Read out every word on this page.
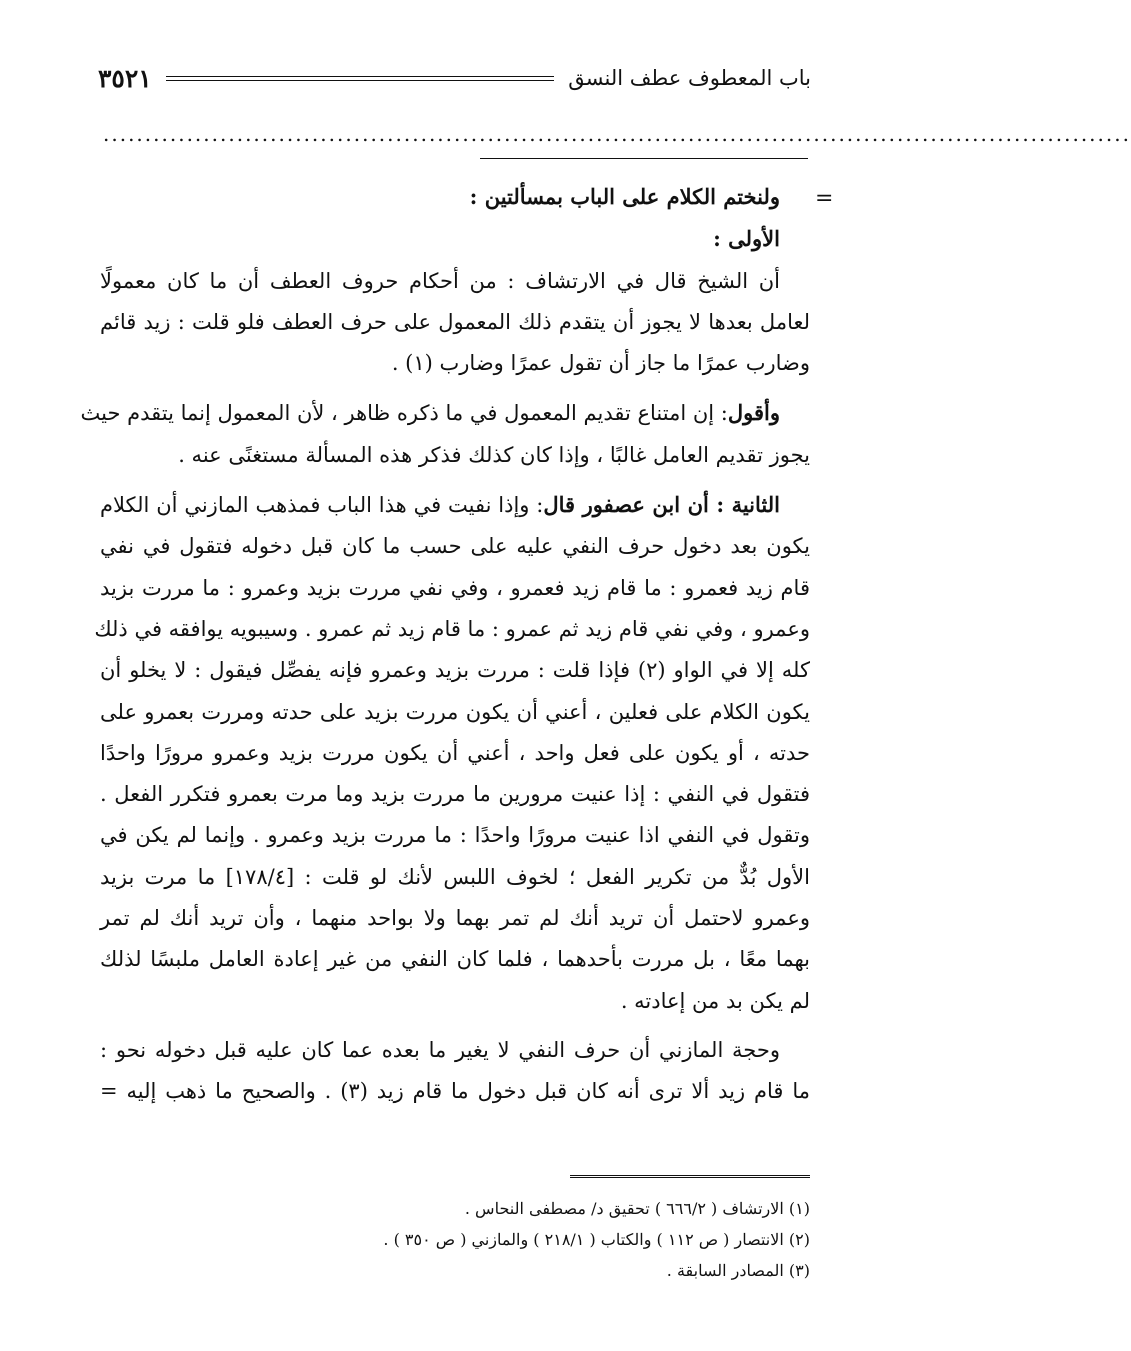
باب المعطوف عطف النسق
٣٥٢١
...........................................................................................................................
=

ولنختم الكلام على الباب بمسألتين :

الأولى :

أن الشيخ قال في الارتشاف : من أحكام حروف العطف أن ما كان معمولًا
لعامل بعدها لا يجوز أن يتقدم ذلك المعمول على حرف العطف فلو قلت : زيد قائم
وضارب عمرًا ما جاز أن تقول عمرًا وضارب (١) .
وأقول: إن امتناع تقديم المعمول في ما ذكره ظاهر ، لأن المعمول إنما يتقدم حيث
يجوز تقديم العامل غالبًا ، وإذا كان كذلك فذكر هذه المسألة مستغنًى عنه .
الثانية : أن ابن عصفور قال: وإذا نفيت في هذا الباب فمذهب المازني أن الكلام
يكون بعد دخول حرف النفي عليه على حسب ما كان قبل دخوله فتقول في نفي
قام زيد فعمرو : ما قام زيد فعمرو ، وفي نفي مررت بزيد وعمرو : ما مررت بزيد
وعمرو ، وفي نفي قام زيد ثم عمرو : ما قام زيد ثم عمرو . وسيبويه يوافقه في ذلك
كله إلا في الواو (٢) فإذا قلت : مررت بزيد وعمرو فإنه يفصِّل فيقول : لا يخلو أن
يكون الكلام على فعلين ، أعني أن يكون مررت بزيد على حدته ومررت بعمرو على
حدته ، أو يكون على فعل واحد ، أعني أن يكون مررت بزيد وعمرو مرورًا واحدًا
فتقول في النفي : إذا عنيت مرورين ما مررت بزيد وما مرت بعمرو فتكرر الفعل .
وتقول في النفي اذا عنيت مرورًا واحدًا : ما مررت بزيد وعمرو . وإنما لم يكن في
الأول بُدٌّ من تكرير الفعل ؛ لخوف اللبس لأنك لو قلت : [١٧٨/٤] ما مرت بزيد
وعمرو لاحتمل أن تريد أنك لم تمر بهما ولا بواحد منهما ، وأن تريد أنك لم تمر
بهما معًا ، بل مررت بأحدهما ، فلما كان النفي من غير إعادة العامل ملبسًا لذلك
لم يكن بد من إعادته .
وحجة المازني أن حرف النفي لا يغير ما بعده عما كان عليه قبل دخوله نحو :
ما قام زيد ألا ترى أنه كان قبل دخول ما قام زيد (٣) . والصحيح ما ذهب إليه =
(١) الارتشاف ( ٦٦٦/٢ ) تحقيق د/ مصطفى النحاس .
(٢) الانتصار ( ص ١١٢ ) والكتاب ( ٢١٨/١ ) والمازني ( ص ٣٥٠ ) .
(٣) المصادر السابقة .
